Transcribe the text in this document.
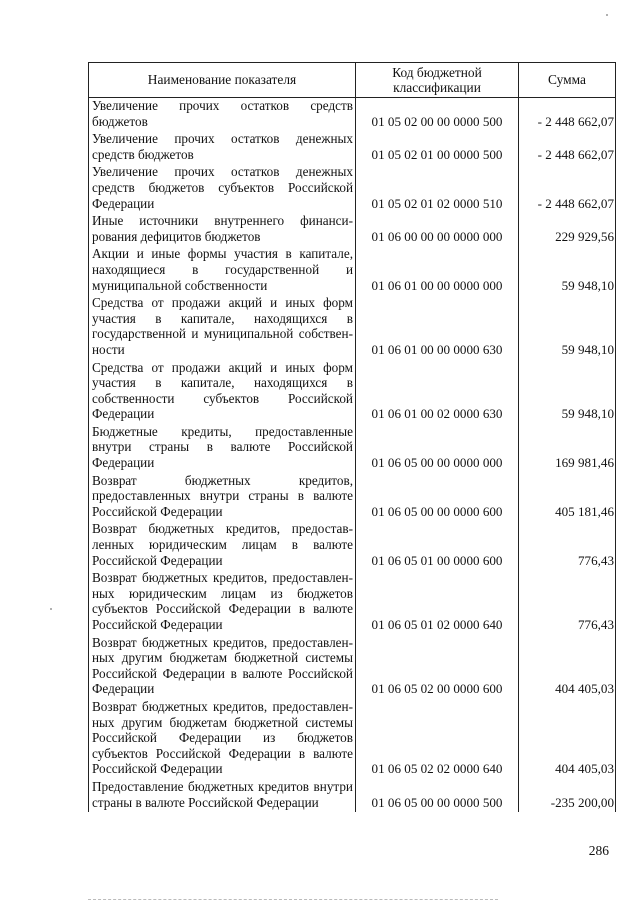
Наименование показателя	Код бюджетной классификации	Сумма
Увеличение прочих остатков средств бюджетов	01 05 02 00 00 0000 500	- 2 448 662,07
Увеличение прочих остатков денежных средств бюджетов	01 05 02 01 00 0000 500	- 2 448 662,07
Увеличение прочих остатков денежных средств бюджетов субъектов Российской Федерации	01 05 02 01 02 0000 510	- 2 448 662,07
Иные источники внутреннего финансирования дефицитов бюджетов	01 06 00 00 00 0000 000	229 929,56
Акции и иные формы участия в капитале, находящиеся в государственной и муниципальной собственности	01 06 01 00 00 0000 000	59 948,10
Средства от продажи акций и иных форм участия в капитале, находящихся в государственной и муниципальной собственности	01 06 01 00 00 0000 630	59 948,10
Средства от продажи акций и иных форм участия в капитале, находящихся в собственности субъектов Российской Федерации	01 06 01 00 02 0000 630	59 948,10
Бюджетные кредиты, предоставленные внутри страны в валюте Российской Федерации	01 06 05 00 00 0000 000	169 981,46
Возврат бюджетных кредитов, предоставленных внутри страны в валюте Российской Федерации	01 06 05 00 00 0000 600	405 181,46
Возврат бюджетных кредитов, предоставленных юридическим лицам в валюте Российской Федерации	01 06 05 01 00 0000 600	776,43
Возврат бюджетных кредитов, предоставленных юридическим лицам из бюджетов субъектов Российской Федерации в валюте Российской Федерации	01 06 05 01 02 0000 640	776,43
Возврат бюджетных кредитов, предоставленных другим бюджетам бюджетной системы Российской Федерации в валюте Российской Федерации	01 06 05 02 00 0000 600	404 405,03
Возврат бюджетных кредитов, предоставленных другим бюджетам бюджетной системы Российской Федерации из бюджетов субъектов Российской Федерации в валюте Российской Федерации	01 06 05 02 02 0000 640	404 405,03
Предоставление бюджетных кредитов внутри страны в валюте Российской Федерации	01 06 05 00 00 0000 500	-235 200,00
286
